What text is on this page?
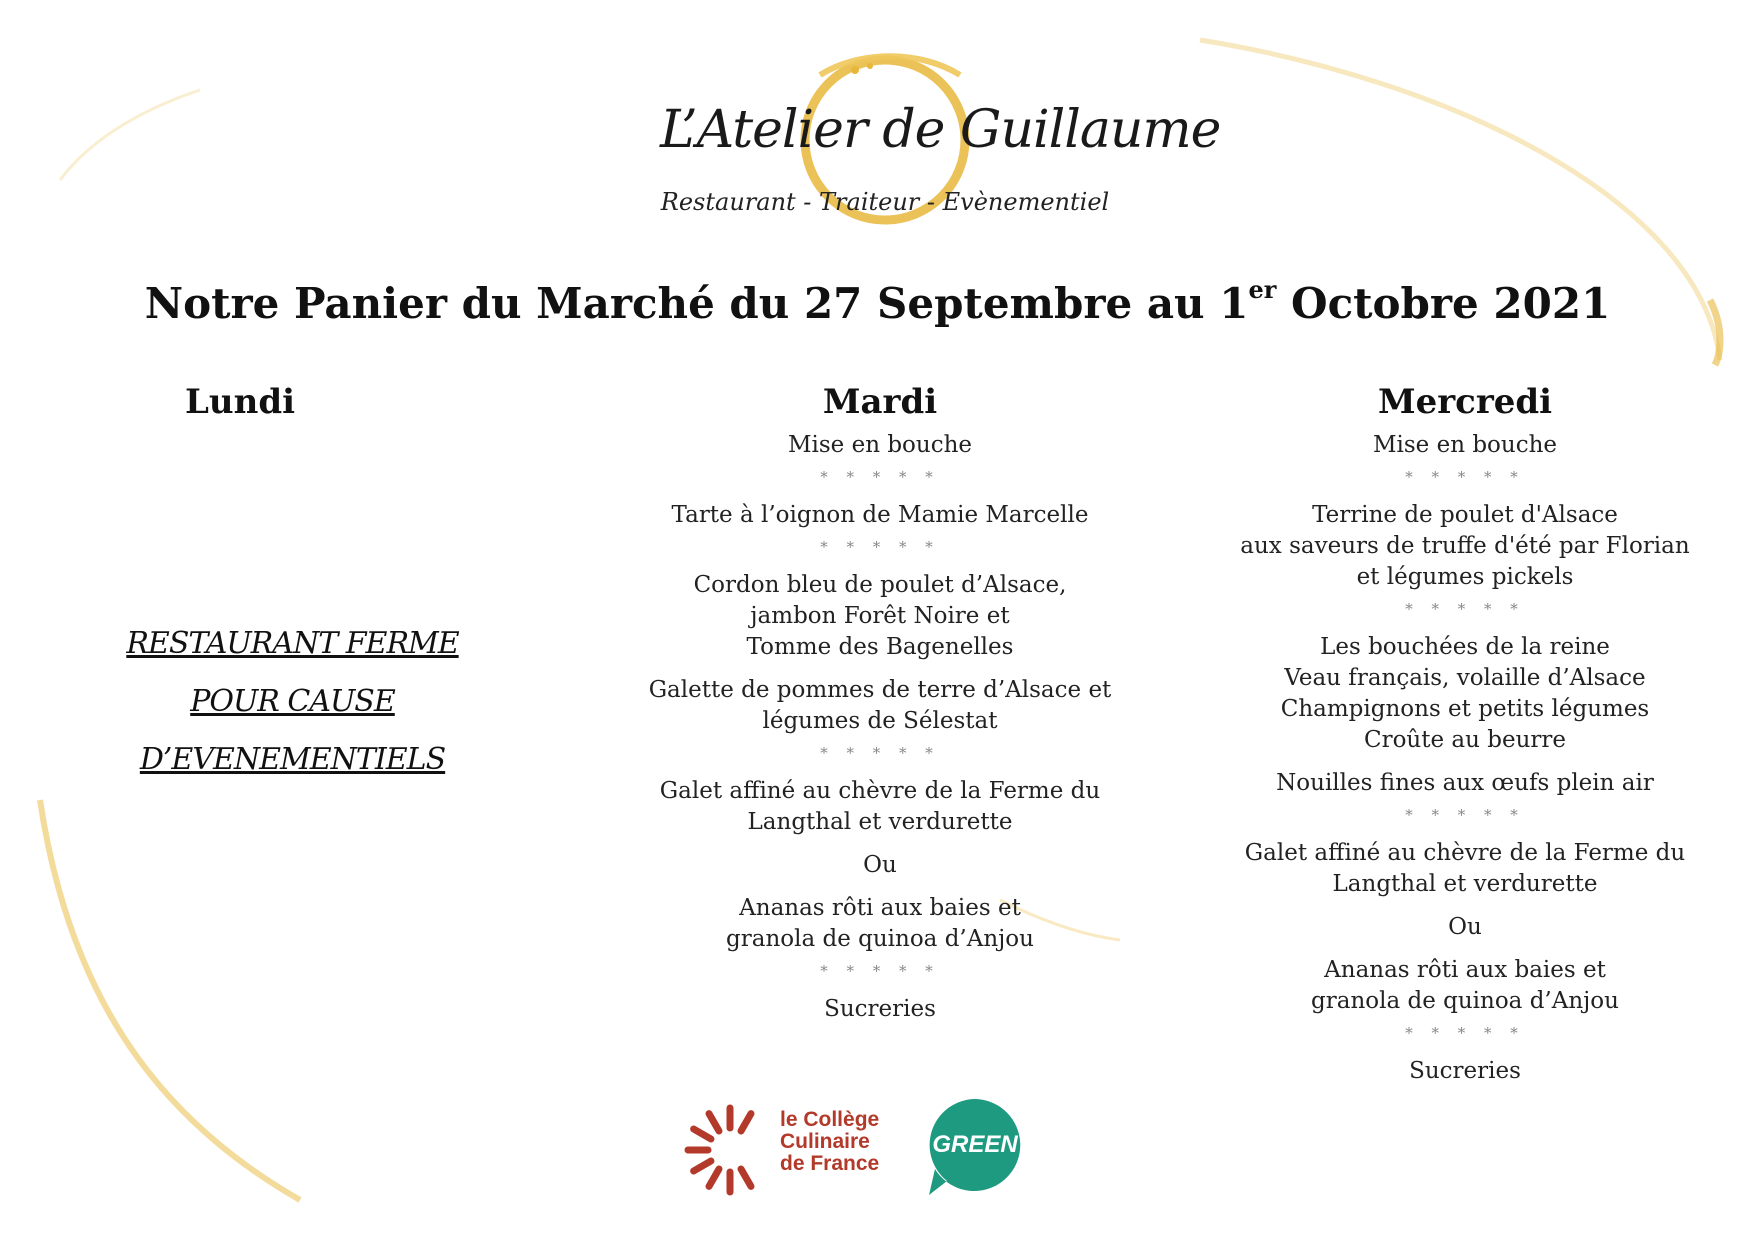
L’Atelier de Guillaume
Restaurant - Traiteur - Evènementiel
Notre Panier du Marché du 27 Septembre au 1er Octobre 2021
Lundi
RESTAURANT FERME
POUR CAUSE
D’EVENEMENTIELS
Mardi
Mise en bouche
* * * * *
Tarte à l’oignon de Mamie Marcelle
* * * * *
Cordon bleu de poulet d’Alsace,
jambon Forêt Noire et
Tomme des Bagenelles
Galette de pommes de terre d’Alsace et
légumes de Sélestat
* * * * *
Galet affiné au chèvre de la Ferme du
Langthal et verdurette
Ou
Ananas rôti aux baies et
granola de quinoa d’Anjou
* * * * *
Sucreries
Mercredi
Mise en bouche
* * * * *
Terrine de poulet d'Alsace
aux saveurs de truffe d'été par Florian
et légumes pickels
* * * * *
Les bouchées de la reine
Veau français, volaille d’Alsace
Champignons et petits légumes
Croûte au beurre
Nouilles fines aux œufs plein air
* * * * *
Galet affiné au chèvre de la Ferme du
Langthal et verdurette
Ou
Ananas rôti aux baies et
granola de quinoa d’Anjou
* * * * *
Sucreries
le Collège
Culinaire
de France
GREEN
